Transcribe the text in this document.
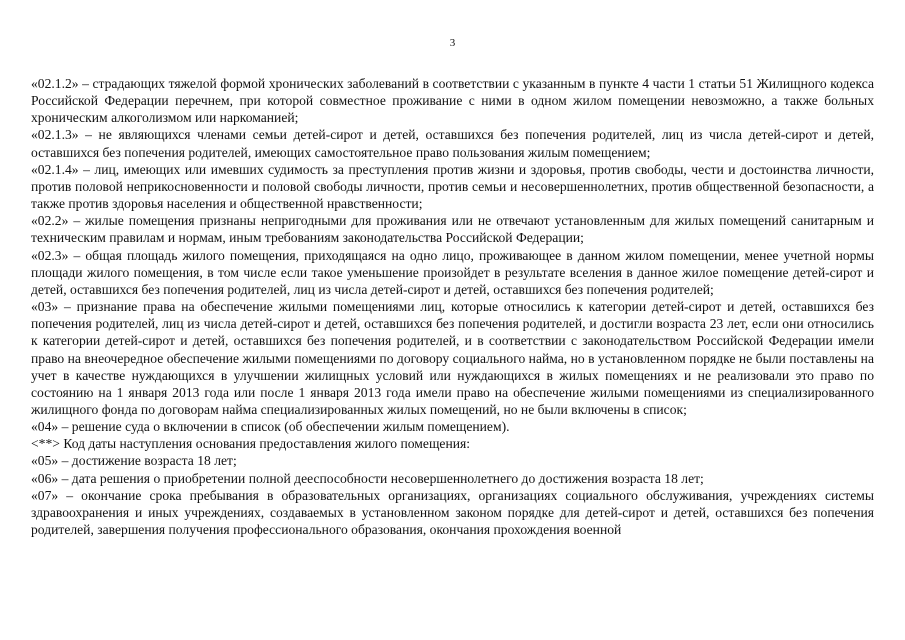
3

«02.1.2» – страдающих тяжелой формой хронических заболеваний в соответствии с указанным в пункте 4 части 1 статьи 51 Жилищного кодекса Российской Федерации перечнем, при которой совместное проживание с ними в одном жилом помещении невозможно, а также больных хроническим алкоголизмом или наркоманией;

«02.1.3» – не являющихся членами семьи детей-сирот и детей, оставшихся без попечения родителей, лиц из числа детей-сирот и детей, оставшихся без попечения родителей, имеющих самостоятельное право пользования жилым помещением;

«02.1.4» – лиц, имеющих или имевших судимость за преступления против жизни и здоровья, против свободы, чести и достоинства личности, против половой неприкосновенности и половой свободы личности, против семьи и несовершеннолетних, против общественной безопасности, а также против здоровья населения и общественной нравственности;

«02.2» – жилые помещения признаны непригодными для проживания или не отвечают установленным для жилых помещений санитарным и техническим правилам и нормам, иным требованиям законодательства Российской Федерации;

«02.3» – общая площадь жилого помещения, приходящаяся на одно лицо, проживающее в данном жилом помещении, менее учетной нормы площади жилого помещения, в том числе если такое уменьшение произойдет в результате вселения в данное жилое помещение детей-сирот и детей, оставшихся без попечения родителей, лиц из числа детей-сирот и детей, оставшихся без попечения родителей;

«03» – признание права на обеспечение жилыми помещениями лиц, которые относились к категории детей-сирот и детей, оставшихся без попечения родителей, лиц из числа детей-сирот и детей, оставшихся без попечения родителей, и достигли возраста 23 лет, если они относились к категории детей-сирот и детей, оставшихся без попечения родителей, и в соответствии с законодательством Российской Федерации имели право на внеочередное обеспечение жилыми помещениями по договору социального найма, но в установленном порядке не были поставлены на учет в качестве нуждающихся в улучшении жилищных условий или нуждающихся в жилых помещениях и не реализовали это право по состоянию на 1 января 2013 года или после 1 января 2013 года имели право на обеспечение жилыми помещениями из специализированного жилищного фонда по договорам найма специализированных жилых помещений, но не были включены в список;

«04» – решение суда о включении в список (об обеспечении жилым помещением).

<**> Код даты наступления основания предоставления жилого помещения:

«05» – достижение возраста 18 лет;

«06» – дата решения о приобретении полной дееспособности несовершеннолетнего до достижения возраста 18 лет;

«07» – окончание срока пребывания в образовательных организациях, организациях социального обслуживания, учреждениях системы здравоохранения и иных учреждениях, создаваемых в установленном законом порядке для детей-сирот и детей, оставшихся без попечения родителей, завершения получения профессионального образования, окончания прохождения военной
